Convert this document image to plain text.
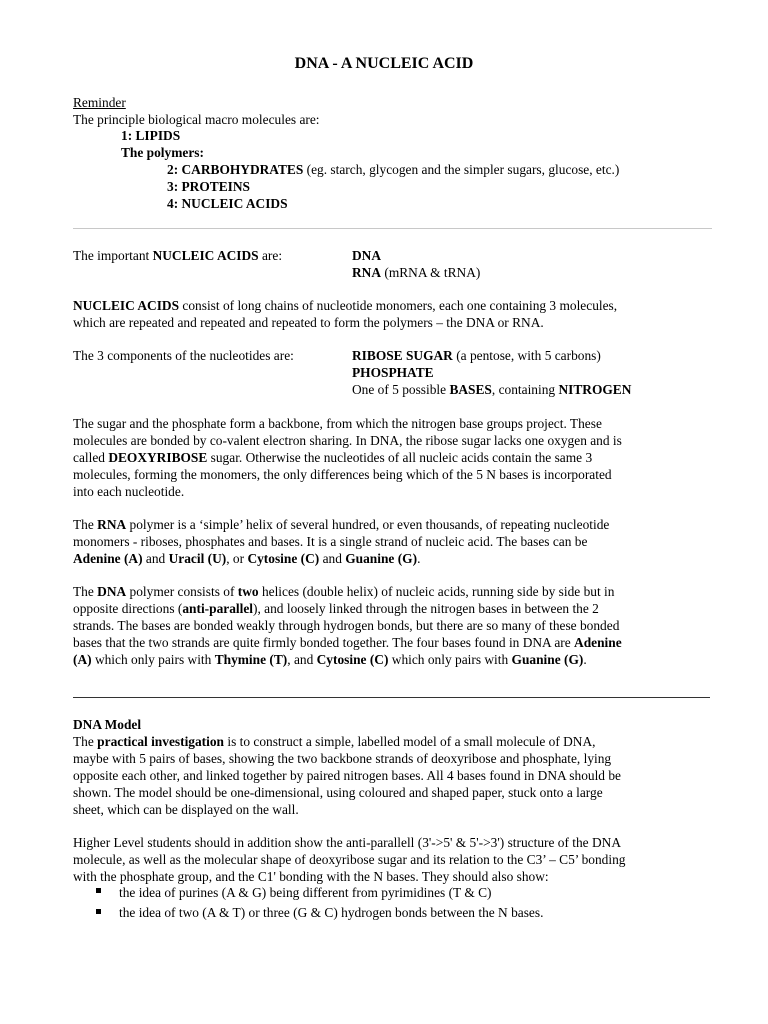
DNA - A NUCLEIC ACID
Reminder
The principle biological macro molecules are:
1: LIPIDS
The polymers:
2: CARBOHYDRATES (eg. starch, glycogen and the simpler sugars, glucose, etc.)
3: PROTEINS
4: NUCLEIC ACIDS
The important NUCLEIC ACIDS are:	DNA
RNA (mRNA & tRNA)
NUCLEIC ACIDS consist of long chains of nucleotide monomers, each one containing 3 molecules,
which are repeated and repeated and repeated to form the polymers – the DNA or RNA.
The 3 components of the nucleotides are:	RIBOSE SUGAR (a pentose, with 5 carbons)
PHOSPHATE
One of 5 possible BASES, containing NITROGEN
The sugar and the phosphate form a backbone, from which the nitrogen base groups project. These
molecules are bonded by co-valent electron sharing. In DNA, the ribose sugar lacks one oxygen and is
called DEOXYRIBOSE sugar. Otherwise the nucleotides of all nucleic acids contain the same 3
molecules, forming the monomers, the only differences being which of the 5 N bases is incorporated
into each nucleotide.
The RNA polymer is a ‘simple’ helix of several hundred, or even thousands, of repeating nucleotide
monomers - riboses, phosphates and bases. It is a single strand of nucleic acid. The bases can be
Adenine (A) and Uracil (U), or Cytosine (C) and Guanine (G).
The DNA polymer consists of two helices (double helix) of nucleic acids, running side by side but in
opposite directions (anti-parallel), and loosely linked through the nitrogen bases in between the 2
strands. The bases are bonded weakly through hydrogen bonds, but there are so many of these bonded
bases that the two strands are quite firmly bonded together. The four bases found in DNA are Adenine
(A) which only pairs with Thymine (T), and Cytosine (C) which only pairs with Guanine (G).
DNA Model
The practical investigation is to construct a simple, labelled model of a small molecule of DNA,
maybe with 5 pairs of bases, showing the two backbone strands of deoxyribose and phosphate, lying
opposite each other, and linked together by paired nitrogen bases. All 4 bases found in DNA should be
shown. The model should be one-dimensional, using coloured and shaped paper, stuck onto a large
sheet, which can be displayed on the wall.
Higher Level students should in addition show the anti-parallell (3'->5' & 5'->3') structure of the DNA
molecule, as well as the molecular shape of deoxyribose sugar and its relation to the C3’ – C5’ bonding
with the phosphate group, and the C1' bonding with the N bases. They should also show:
the idea of purines (A & G) being different from pyrimidines (T & C)
the idea of two (A & T) or three (G & C) hydrogen bonds between the N bases.
